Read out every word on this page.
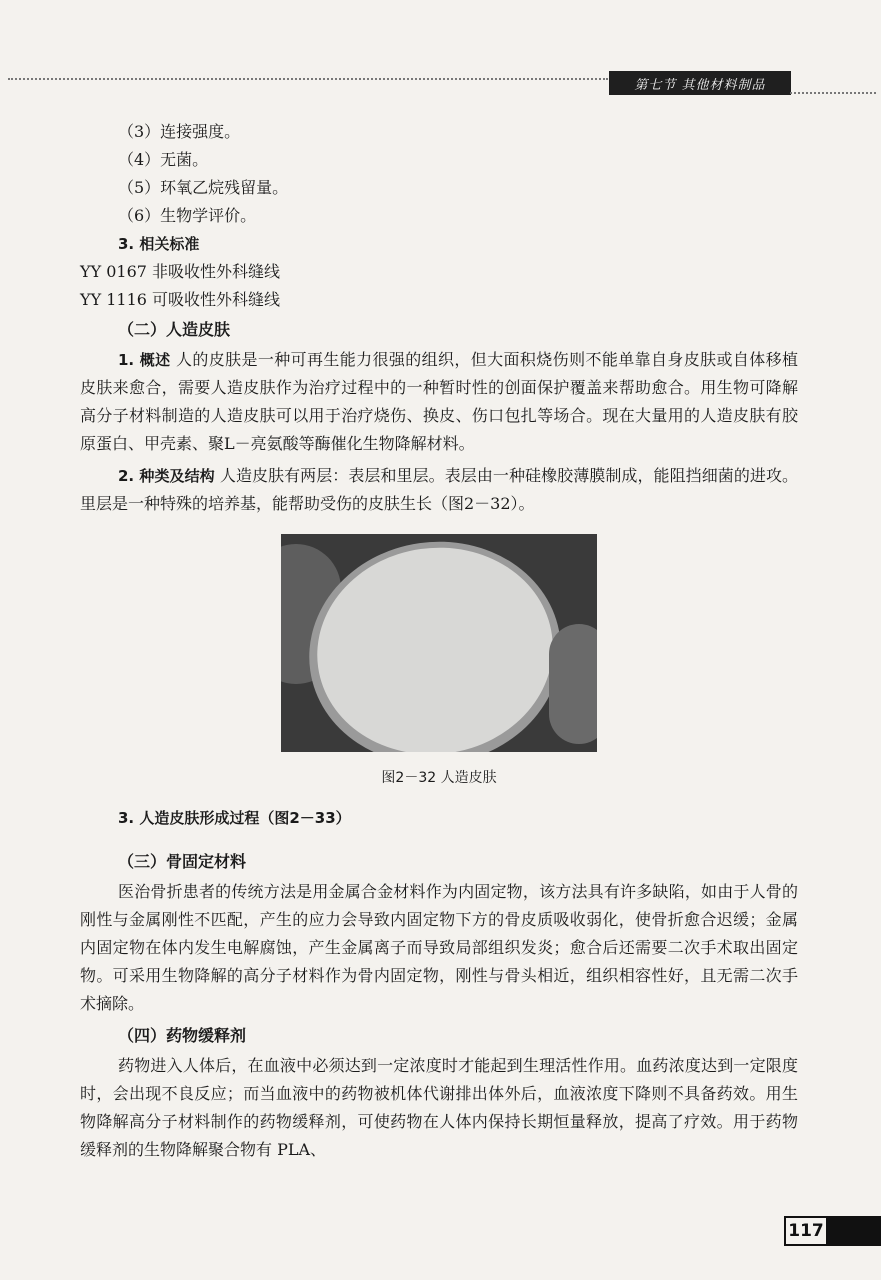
第七节 其他材料制品
（3）连接强度。
（4）无菌。
（5）环氧乙烷残留量。
（6）生物学评价。
3. 相关标准
YY 0167 非吸收性外科缝线
YY 1116 可吸收性外科缝线
（二）人造皮肤
1. 概述 人的皮肤是一种可再生能力很强的组织，但大面积烧伤则不能单靠自身皮肤或自体移植皮肤来愈合，需要人造皮肤作为治疗过程中的一种暂时性的创面保护覆盖来帮助愈合。用生物可降解高分子材料制造的人造皮肤可以用于治疗烧伤、换皮、伤口包扎等场合。现在大量用的人造皮肤有胶原蛋白、甲壳素、聚L－亮氨酸等酶催化生物降解材料。
2. 种类及结构 人造皮肤有两层：表层和里层。表层由一种硅橡胶薄膜制成，能阻挡细菌的进攻。里层是一种特殊的培养基，能帮助受伤的皮肤生长（图2－32）。
图2－32 人造皮肤
3. 人造皮肤形成过程（图2－33）
（三）骨固定材料
医治骨折患者的传统方法是用金属合金材料作为内固定物，该方法具有许多缺陷，如由于人骨的刚性与金属刚性不匹配，产生的应力会导致内固定物下方的骨皮质吸收弱化，使骨折愈合迟缓；金属内固定物在体内发生电解腐蚀，产生金属离子而导致局部组织发炎；愈合后还需要二次手术取出固定物。可采用生物降解的高分子材料作为骨内固定物，刚性与骨头相近，组织相容性好，且无需二次手术摘除。
（四）药物缓释剂
药物进入人体后，在血液中必须达到一定浓度时才能起到生理活性作用。血药浓度达到一定限度时，会出现不良反应；而当血液中的药物被机体代谢排出体外后，血液浓度下降则不具备药效。用生物降解高分子材料制作的药物缓释剂，可使药物在人体内保持长期恒量释放，提高了疗效。用于药物缓释剂的生物降解聚合物有 PLA、
117
